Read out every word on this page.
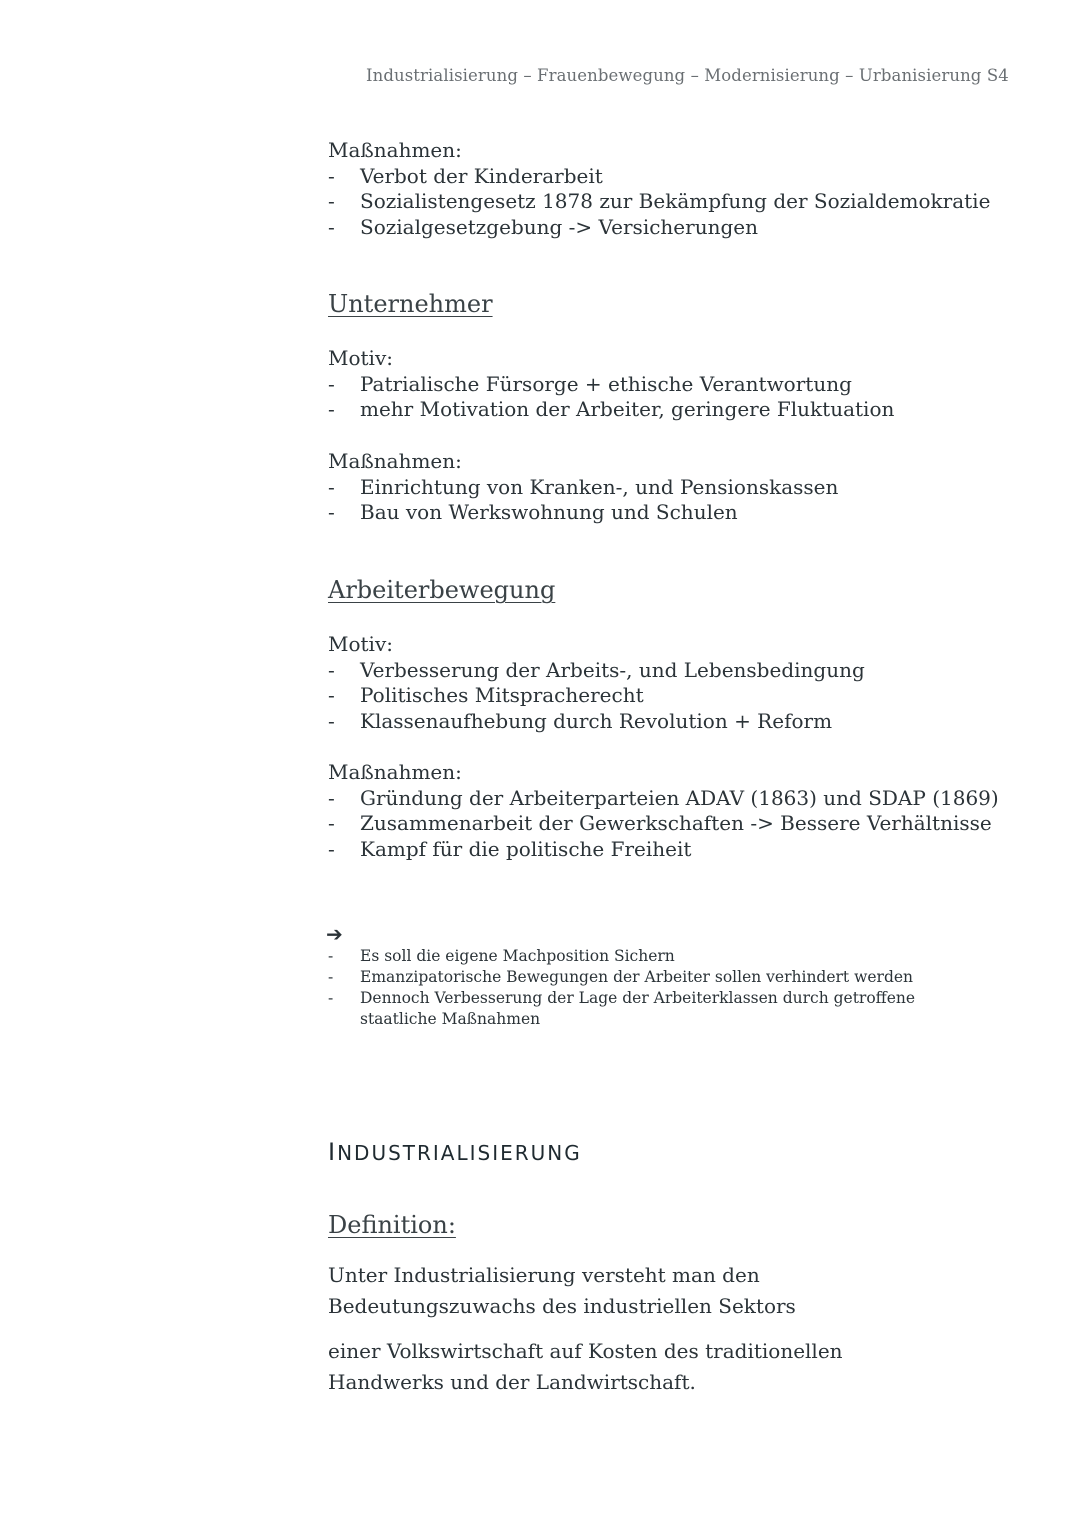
Industrialisierung – Frauenbewegung – Modernisierung – Urbanisierung S4
Maßnahmen:
- Verbot der Kinderarbeit
- Sozialistengesetz 1878 zur Bekämpfung der Sozialdemokratie
- Sozialgesetzgebung -> Versicherungen
Unternehmer
Motiv:
- Patrialische Fürsorge + ethische Verantwortung
- mehr Motivation der Arbeiter, geringere Fluktuation
Maßnahmen:
- Einrichtung von Kranken-, und Pensionskassen
- Bau von Werkswohnung und Schulen
Arbeiterbewegung
Motiv:
- Verbesserung der Arbeits-, und Lebensbedingung
- Politisches Mitspracherecht
- Klassenaufhebung durch Revolution + Reform
Maßnahmen:
- Gründung der Arbeiterparteien ADAV (1863) und SDAP (1869)
- Zusammenarbeit der Gewerkschaften -> Bessere Verhältnisse
- Kampf für die politische Freiheit
➔
- Es soll die eigene Machposition Sichern
- Emanzipatorische Bewegungen der Arbeiter sollen verhindert werden
- Dennoch Verbesserung der Lage der Arbeiterklassen durch getroffene staatliche Maßnahmen
INDUSTRIALISIERUNG
Definition:
Unter Industrialisierung versteht man den Bedeutungszuwachs des industriellen Sektors
einer Volkswirtschaft auf Kosten des traditionellen Handwerks und der Landwirtschaft.
